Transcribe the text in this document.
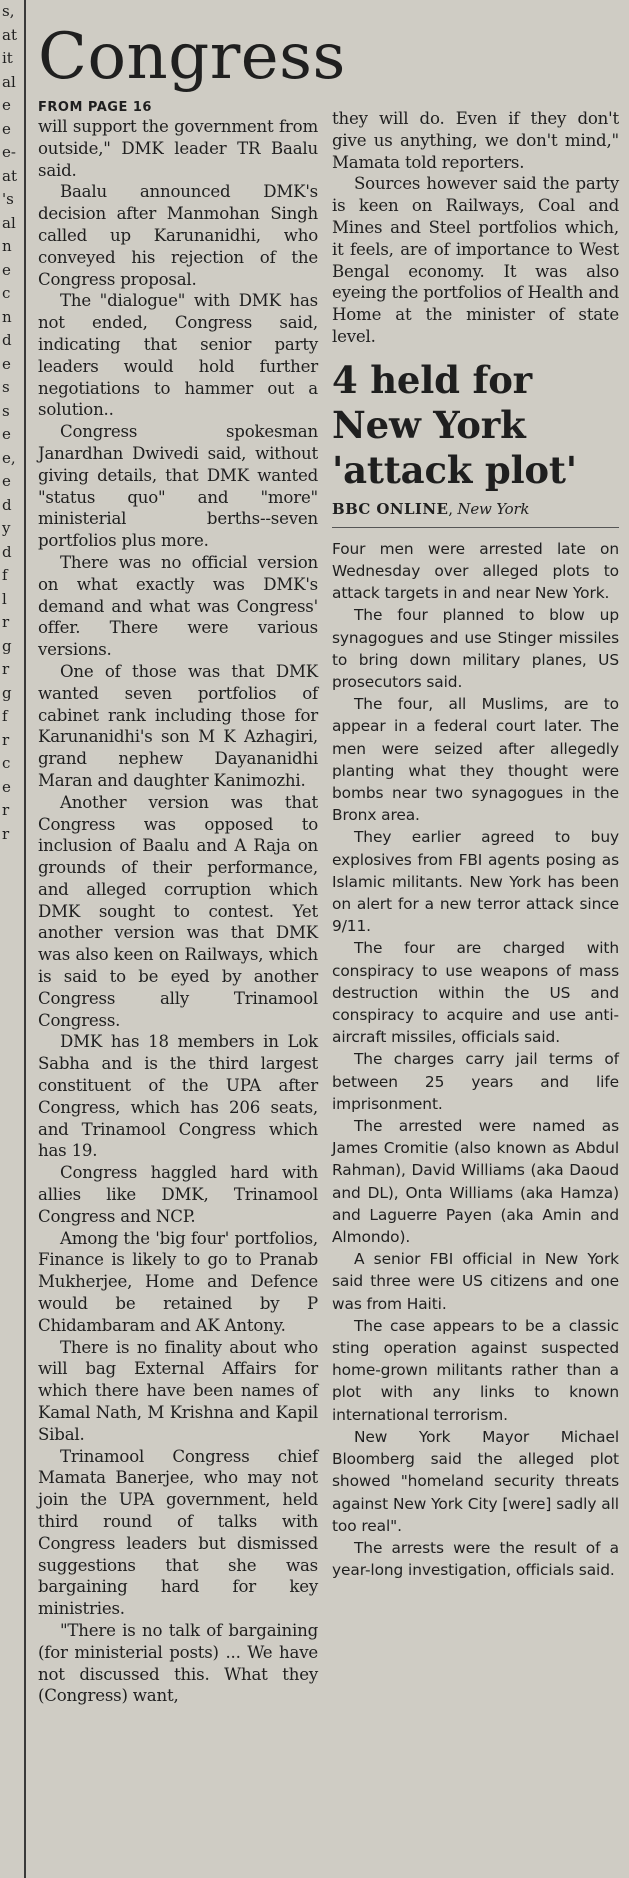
s,
at
it
al
e
e
e-
at
's
al
n
e
c
n
d
e
s
s
e
e,
e
d
y
d
f
l
r
g
r
g
f
r
c
e
r
r
Congress
FROM PAGE 16

will support the government from outside," DMK leader TR Baalu said.

Baalu announced DMK's decision after Manmohan Singh called up Karunanidhi, who conveyed his rejection of the Congress proposal.

The "dialogue" with DMK has not ended, Congress said, indicating that senior party leaders would hold further negotiations to hammer out a solution..

Congress spokesman Janardhan Dwivedi said, without giving details, that DMK wanted "status quo" and "more" ministerial berths--seven portfolios plus more.

There was no official version on what exactly was DMK's demand and what was Congress' offer. There were various versions.

One of those was that DMK wanted seven portfolios of cabinet rank including those for Karunanidhi's son M K Azhagiri, grand nephew Dayananidhi Maran and daughter Kanimozhi.

Another version was that Congress was opposed to inclusion of Baalu and A Raja on grounds of their performance, and alleged corruption which DMK sought to contest. Yet another version was that DMK was also keen on Railways, which is said to be eyed by another Congress ally Trinamool Congress.

DMK has 18 members in Lok Sabha and is the third largest constituent of the UPA after Congress, which has 206 seats, and Trinamool Congress which has 19.

Congress haggled hard with allies like DMK, Trinamool Congress and NCP.

Among the 'big four' portfolios, Finance is likely to go to Pranab Mukherjee, Home and Defence would be retained by P Chidambaram and AK Antony.

There is no finality about who will bag External Affairs for which there have been names of Kamal Nath, M Krishna and Kapil Sibal.

Trinamool Congress chief Mamata Banerjee, who may not join the UPA government, held third round of talks with Congress leaders but dismissed suggestions that she was bargaining hard for key ministries.

"There is no talk of bargaining (for ministerial posts) ... We have not discussed this. What they (Congress) want,

they will do. Even if they don't give us anything, we don't mind," Mamata told reporters.

Sources however said the party is keen on Railways, Coal and Mines and Steel portfolios which, it feels, are of importance to West Bengal economy. It was also eyeing the portfolios of Health and Home at the minister of state level.

4 held for
New York
'attack plot'
BBC ONLINE, New York

Four men were arrested late on Wednesday over alleged plots to attack targets in and near New York.

The four planned to blow up synagogues and use Stinger missiles to bring down military planes, US prosecutors said.

The four, all Muslims, are to appear in a federal court later. The men were seized after allegedly planting what they thought were bombs near two synagogues in the Bronx area.

They earlier agreed to buy explosives from FBI agents posing as Islamic militants. New York has been on alert for a new terror attack since 9/11.

The four are charged with conspiracy to use weapons of mass destruction within the US and conspiracy to acquire and use anti-aircraft missiles, officials said.

The charges carry jail terms of between 25 years and life imprisonment.

The arrested were named as James Cromitie (also known as Abdul Rahman), David Williams (aka Daoud and DL), Onta Williams (aka Hamza) and Laguerre Payen (aka Amin and Almondo).

A senior FBI official in New York said three were US citizens and one was from Haiti.

The case appears to be a classic sting operation against suspected home-grown militants rather than a plot with any links to known international terrorism.

New York Mayor Michael Bloomberg said the alleged plot showed "homeland security threats against New York City [were] sadly all too real".

The arrests were the result of a year-long investigation, officials said.
